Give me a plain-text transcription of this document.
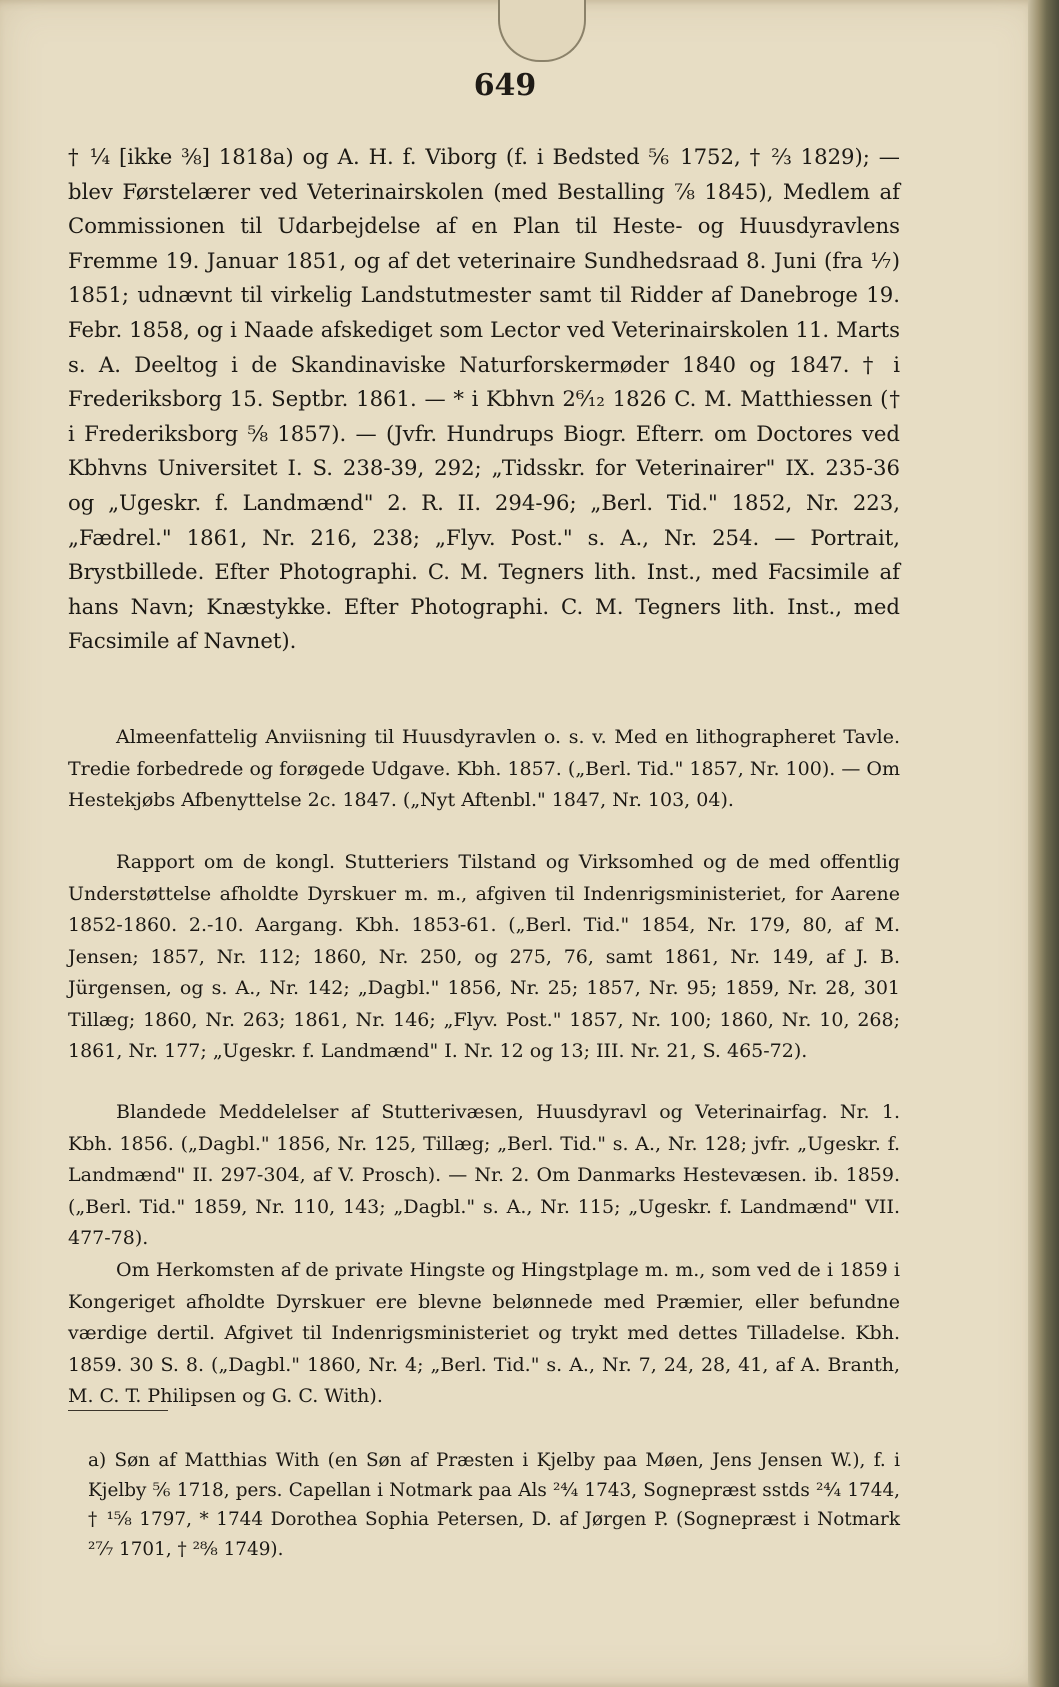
649

† ¼ [ikke ⅜] 1818a) og A. H. f. Viborg (f. i Bedsted ⅚ 1752, † ⅔ 1829); — blev Førstelærer ved Veterinairskolen (med Bestalling ⅞ 1845), Medlem af Commissionen til Udarbejdelse af en Plan til Heste- og Huusdyravlens Fremme 19. Januar 1851, og af det veterinaire Sundhedsraad 8. Juni (fra ⅐) 1851; udnævnt til virkelig Landstutmester samt til Ridder af Danebroge 19. Febr. 1858, og i Naade afskediget som Lector ved Veterinairskolen 11. Marts s. A. Deeltog i de Skandinaviske Naturforskermøder 1840 og 1847. † i Frederiksborg 15. Septbr. 1861. — * i Kbhvn 2⁶⁄₁₂ 1826 C. M. Matthiessen († i Frederiksborg ⅝ 1857). — (Jvfr. Hundrups Biogr. Efterr. om Doctores ved Kbhvns Universitet I. S. 238-39, 292; „Tidsskr. for Veterinairer" IX. 235-36 og „Ugeskr. f. Landmænd" 2. R. II. 294-96; „Berl. Tid." 1852, Nr. 223, „Fædrel." 1861, Nr. 216, 238; „Flyv. Post." s. A., Nr. 254. — Portrait, Brystbillede. Efter Photographi. C. M. Tegners lith. Inst., med Facsimile af hans Navn; Knæstykke. Efter Photographi. C. M. Tegners lith. Inst., med Facsimile af Navnet).

Almeenfattelig Anviisning til Huusdyravlen o. s. v. Med en lithographeret Tavle. Tredie forbedrede og forøgede Udgave. Kbh. 1857. („Berl. Tid." 1857, Nr. 100). — Om Hestekjøbs Afbenyttelse 2c. 1847. („Nyt Aftenbl." 1847, Nr. 103, 04).

Rapport om de kongl. Stutteriers Tilstand og Virksomhed og de med offentlig Understøttelse afholdte Dyrskuer m. m., afgiven til Indenrigsministeriet, for Aarene 1852-1860. 2.-10. Aargang. Kbh. 1853-61. („Berl. Tid." 1854, Nr. 179, 80, af M. Jensen; 1857, Nr. 112; 1860, Nr. 250, og 275, 76, samt 1861, Nr. 149, af J. B. Jürgensen, og s. A., Nr. 142; „Dagbl." 1856, Nr. 25; 1857, Nr. 95; 1859, Nr. 28, 301 Tillæg; 1860, Nr. 263; 1861, Nr. 146; „Flyv. Post." 1857, Nr. 100; 1860, Nr. 10, 268; 1861, Nr. 177; „Ugeskr. f. Landmænd" I. Nr. 12 og 13; III. Nr. 21, S. 465-72).

Blandede Meddelelser af Stutterivæsen, Huusdyravl og Veterinairfag. Nr. 1. Kbh. 1856. („Dagbl." 1856, Nr. 125, Tillæg; „Berl. Tid." s. A., Nr. 128; jvfr. „Ugeskr. f. Landmænd" II. 297-304, af V. Prosch). — Nr. 2. Om Danmarks Hestevæsen. ib. 1859. („Berl. Tid." 1859, Nr. 110, 143; „Dagbl." s. A., Nr. 115; „Ugeskr. f. Landmænd" VII. 477-78).

Om Herkomsten af de private Hingste og Hingstplage m. m., som ved de i 1859 i Kongeriget afholdte Dyrskuer ere blevne belønnede med Præmier, eller befundne værdige dertil. Afgivet til Indenrigsministeriet og trykt med dettes Tilladelse. Kbh. 1859. 30 S. 8. („Dagbl." 1860, Nr. 4; „Berl. Tid." s. A., Nr. 7, 24, 28, 41, af A. Branth, M. C. T. Philipsen og G. C. With).

a) Søn af Matthias With (en Søn af Præsten i Kjelby paa Møen, Jens Jensen W.), f. i Kjelby ⅚ 1718, pers. Capellan i Notmark paa Als ²⁴⁄₄ 1743, Sognepræst sstds ²⁴⁄₄ 1744, † ¹⁵⁄₈ 1797, * 1744 Dorothea Sophia Petersen, D. af Jørgen P. (Sognepræst i Notmark ²⁷⁄₇ 1701, † ²⁸⁄₈ 1749).
